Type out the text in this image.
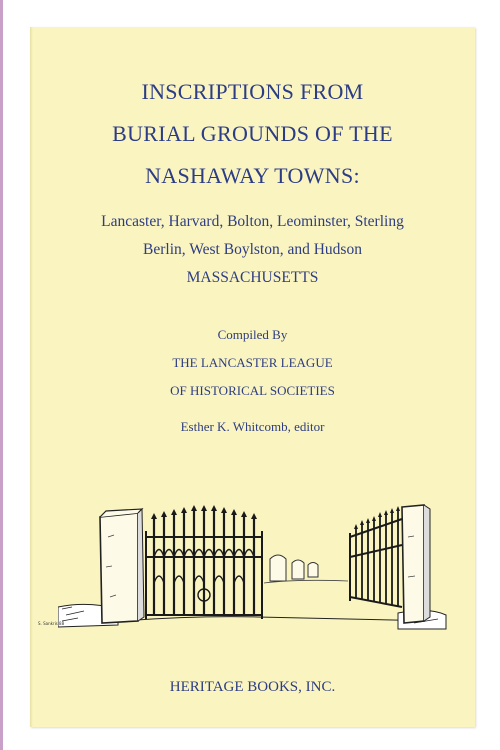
INSCRIPTIONS FROM
BURIAL GROUNDS OF THE
NASHAWAY TOWNS:
Lancaster, Harvard, Bolton, Leominster, Sterling
Berlin, West Boylston, and Hudson
MASSACHUSETTS
Compiled By
THE LANCASTER LEAGUE
OF HISTORICAL SOCIETIES
Esther K. Whitcomb, editor
S. Sankris 88
HERITAGE BOOKS, INC.
